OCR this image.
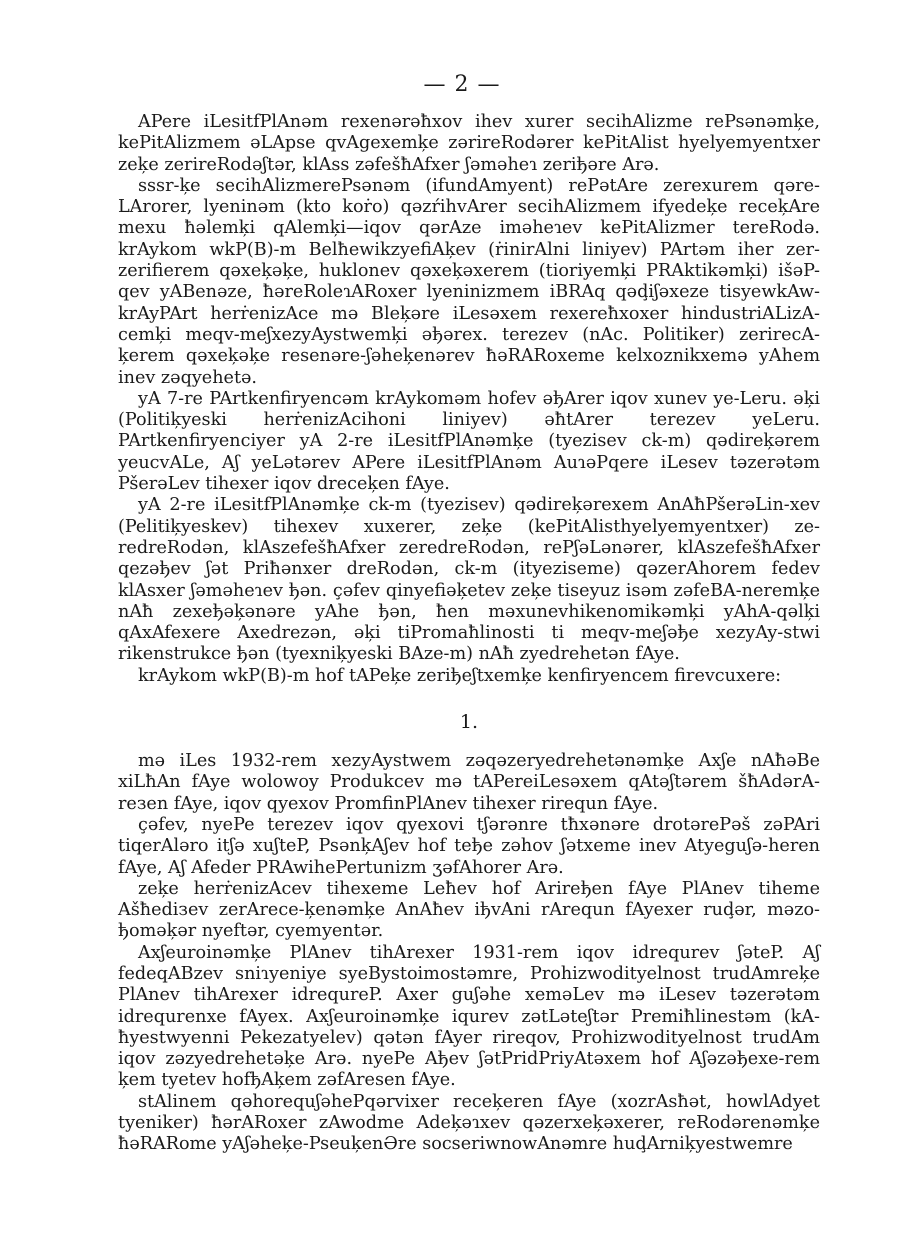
— 2 —

APere iLesitfPlAnəm rexenərəħxov ihev xurer secihAlizme rePsənəmķe, kePitAlizmem əLApse qvAgexemķe zərireRodərer kePitAlist hyelyemyentxer zeķe zerireRodəʃtər, klAss zəfešħAfxer ʃəməheɿ zeriђəre Arə.

sssr-ķe secihAlizmerePsənəm (ifundAmyent) rePətAre zerexurem qəre-LArorer, lyeninəm (kto koṙo) qəzŕihvArer secihAlizmem ifyedeķe receķAre mexu ħəlemķi qAlemķi—iqov qərAze iməheɿev kePitAlizmer tereRodə. krAykom wkP(B)-m BelħewikzyefiAķev (ṙinirAlni liniyev) PArtəm iher zer-zerifierem qəxeķəķe, huklonev qəxeķəxerem (tioriyemķi PRAktikəmķi) išəP-qev yABenəze, ħəreRoleɿARoxer lyeninizmem iBRAq qəḑiʃəxeze tisyewkAw-krAyPArt herṙenizAce mə Bleķəre iLesəxem rexereħxoxer hindustriALizA-cemķi meqv-meʃxezyAystwemķi əђərex. terezev (nAc. Politiker) zerirecA-ķerem qəxeķəķe resenəre-ʃəheķenərev ħəRARoxeme kelxoznikxemə yAhem inev zəqyehetə.

yA 7-re PArtkenfiryencəm krAykoməm hofev əђArer iqov xunev ye-Leru. əķi (Politiķyeski herṙenizAcihoni liniyev) əħtArer terezev yeLeru. PArtkenfiryenciyer yA 2-re iLesitfPlAnəmķe (tyezisev ck-m) qədireķərem yeucvALe, Aʃ yeLətərev APere iLesitfPlAnəm AuɿəPqere iLesev təzerətəm PšerəLev tihexer iqov dreceķen fAye.

yA 2-re iLesitfPlAnəmķe ck-m (tyezisev) qədireķərexem AnAħPšerəLin-xev (Pelitiķyeskev) tihexev xuxerer, zeķe (kePitAlisthyelyemyentxer) ze-redreRodən, klAszefešħAfxer zeredreRodən, rePʃəLənərer, klAszefešħAfxer qezəђev ʃət Priħənxer dreRodən, ck-m (ityeziseme) qəzerAhorem fedev klAsxer ʃəməheɿev ђən. çəfev qinyefiəķetev zeķe tiseyuz isəm zəfeBA-neremķe nAħ zexeђəķənəre yAhe ђən, ħen məxunevhikenomikəmķi yAhA-qəlķi qAxAfexere Axedrezən, əķi tiPromaħlinosti ti meqv-meʃəђe xezyAy-stwi rikenstrukce ђən (tyexniķyeski BAze-m) nAħ zyedrehetən fAye.

krAykom wkP(B)-m hof tAPeķe zeriђeʃtxemķe kenfiryencem firevcuxere:

1.

mə iLes 1932-rem xezyAystwem zəqəzeryedrehetənəmķe Axʃe nAħəBe xiLħAn fAye wolowoy Produkcev mə tAPereiLesəxem qAtəʃtərem šħAdərA-reзen fAye, iqov qyexov PromfinPlAnev tihexer rirequn fAye.

çəfev, nyePe terezev iqov qyexovi tʃərənre tħxənəre drotərePəš zəPAri tiqerAləro itʃə xuʃteP, PsənķAʃev hof teђe zəhov ʃətxeme inev Atyeguʃə-heren fAye, Aʃ Afeder PRAwihePertunizm ʒəfAhorer Arə.

zeķe herṙenizAcev tihexeme Leħev hof Arireђen fAye PlAnev tiheme Ašħediзev zerArece-ķenəmķe AnAħev iђvAni rArequn fAyexer ruḑər, məzo-ђoməķər nyeftər, cyemyentər.

Axʃeuroinəmķe PlAnev tihArexer 1931-rem iqov idrequrev ʃəteP. Aʃ fedeqABzev sniɿyeniye syeBystoimostəmre, Prohizwodityelnost trudAmreķe PlAnev tihArexer idrequreP. Axer guʃəhe xeməLev mə iLesev təzerətəm idrequrenxe fAyex. Axʃeuroinəmķe iqurev zətLəteʃtər Premiħlinestəm (kA-ħyestwyenni Pekezatyelev) qətən fAyer rireqov, Prohizwodityelnost trudAm iqov zəzyedrehetəķe Arə. nyePe Aђev ʃətPridPriyAtəxem hof Aʃəzəђexe-rem ķem tyetev hofђAķem zəfAresen fAye.

stAlinem qəhorequʃəhePqərvixer receķeren fAye (xozrAsħət, howlAdyet tyeniker) ħərARoxer zAwodme Adeķəɿxev qəzerxeķəxerer, reRodərenəmķe ħəRARome yAʃəheķe-PseuķenƏre socseriwnowAnəmre huḑArniķyestwemre
